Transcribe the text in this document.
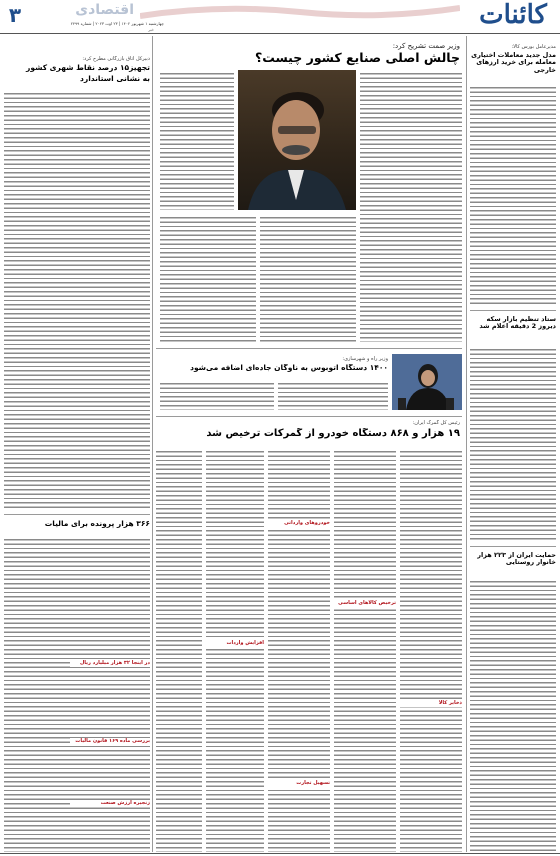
۳	اقتصادی
چهارشنبه ۱ شهریور ۱۴۰۲ | ۲۳ اوت ۲۰۲۳ | شماره ۲۴۹۹
خبر	کائنات
مدیرعامل بورس کالا:
مدل جدید معاملات اختیاری معامله برای خرید ارزهای خارجی
ستاد تنظیم بازار سکه دیروز 2 دقیقه اعلام شد
حمایت ایران از ۲۲۳ هزار خانوار روستایی
دبیرکل اتاق بازرگانی مطرح کرد:
تجهیز۱۵ درصد نقاط شهری کشور
به نشانی استاندارد
۳۶۶ هزار پرونده برای مالیات
در اینجا ۳۲ هزار میلیارد ریال
بررسی ماده ۱۶۹ قانون مالیات
زنجیره ارزش صنعت
وزیر صمت تشریح کرد:
چالش اصلی صنایع کشور چیست؟
وزیر راه و شهرسازی:
۱۴۰۰ دستگاه اتوبوس به ناوگان جاده‌ای اضافه می‌شود
رئیس کل گمرک ایران:
۱۹ هزار و ۸۶۸ دستگاه خودرو از گمرکات ترخیص شد
خودروهای وارداتی
ترخیص کالاهای اساسی
افزایش واردات
ذخایر کالا
تسهیل تجارت
